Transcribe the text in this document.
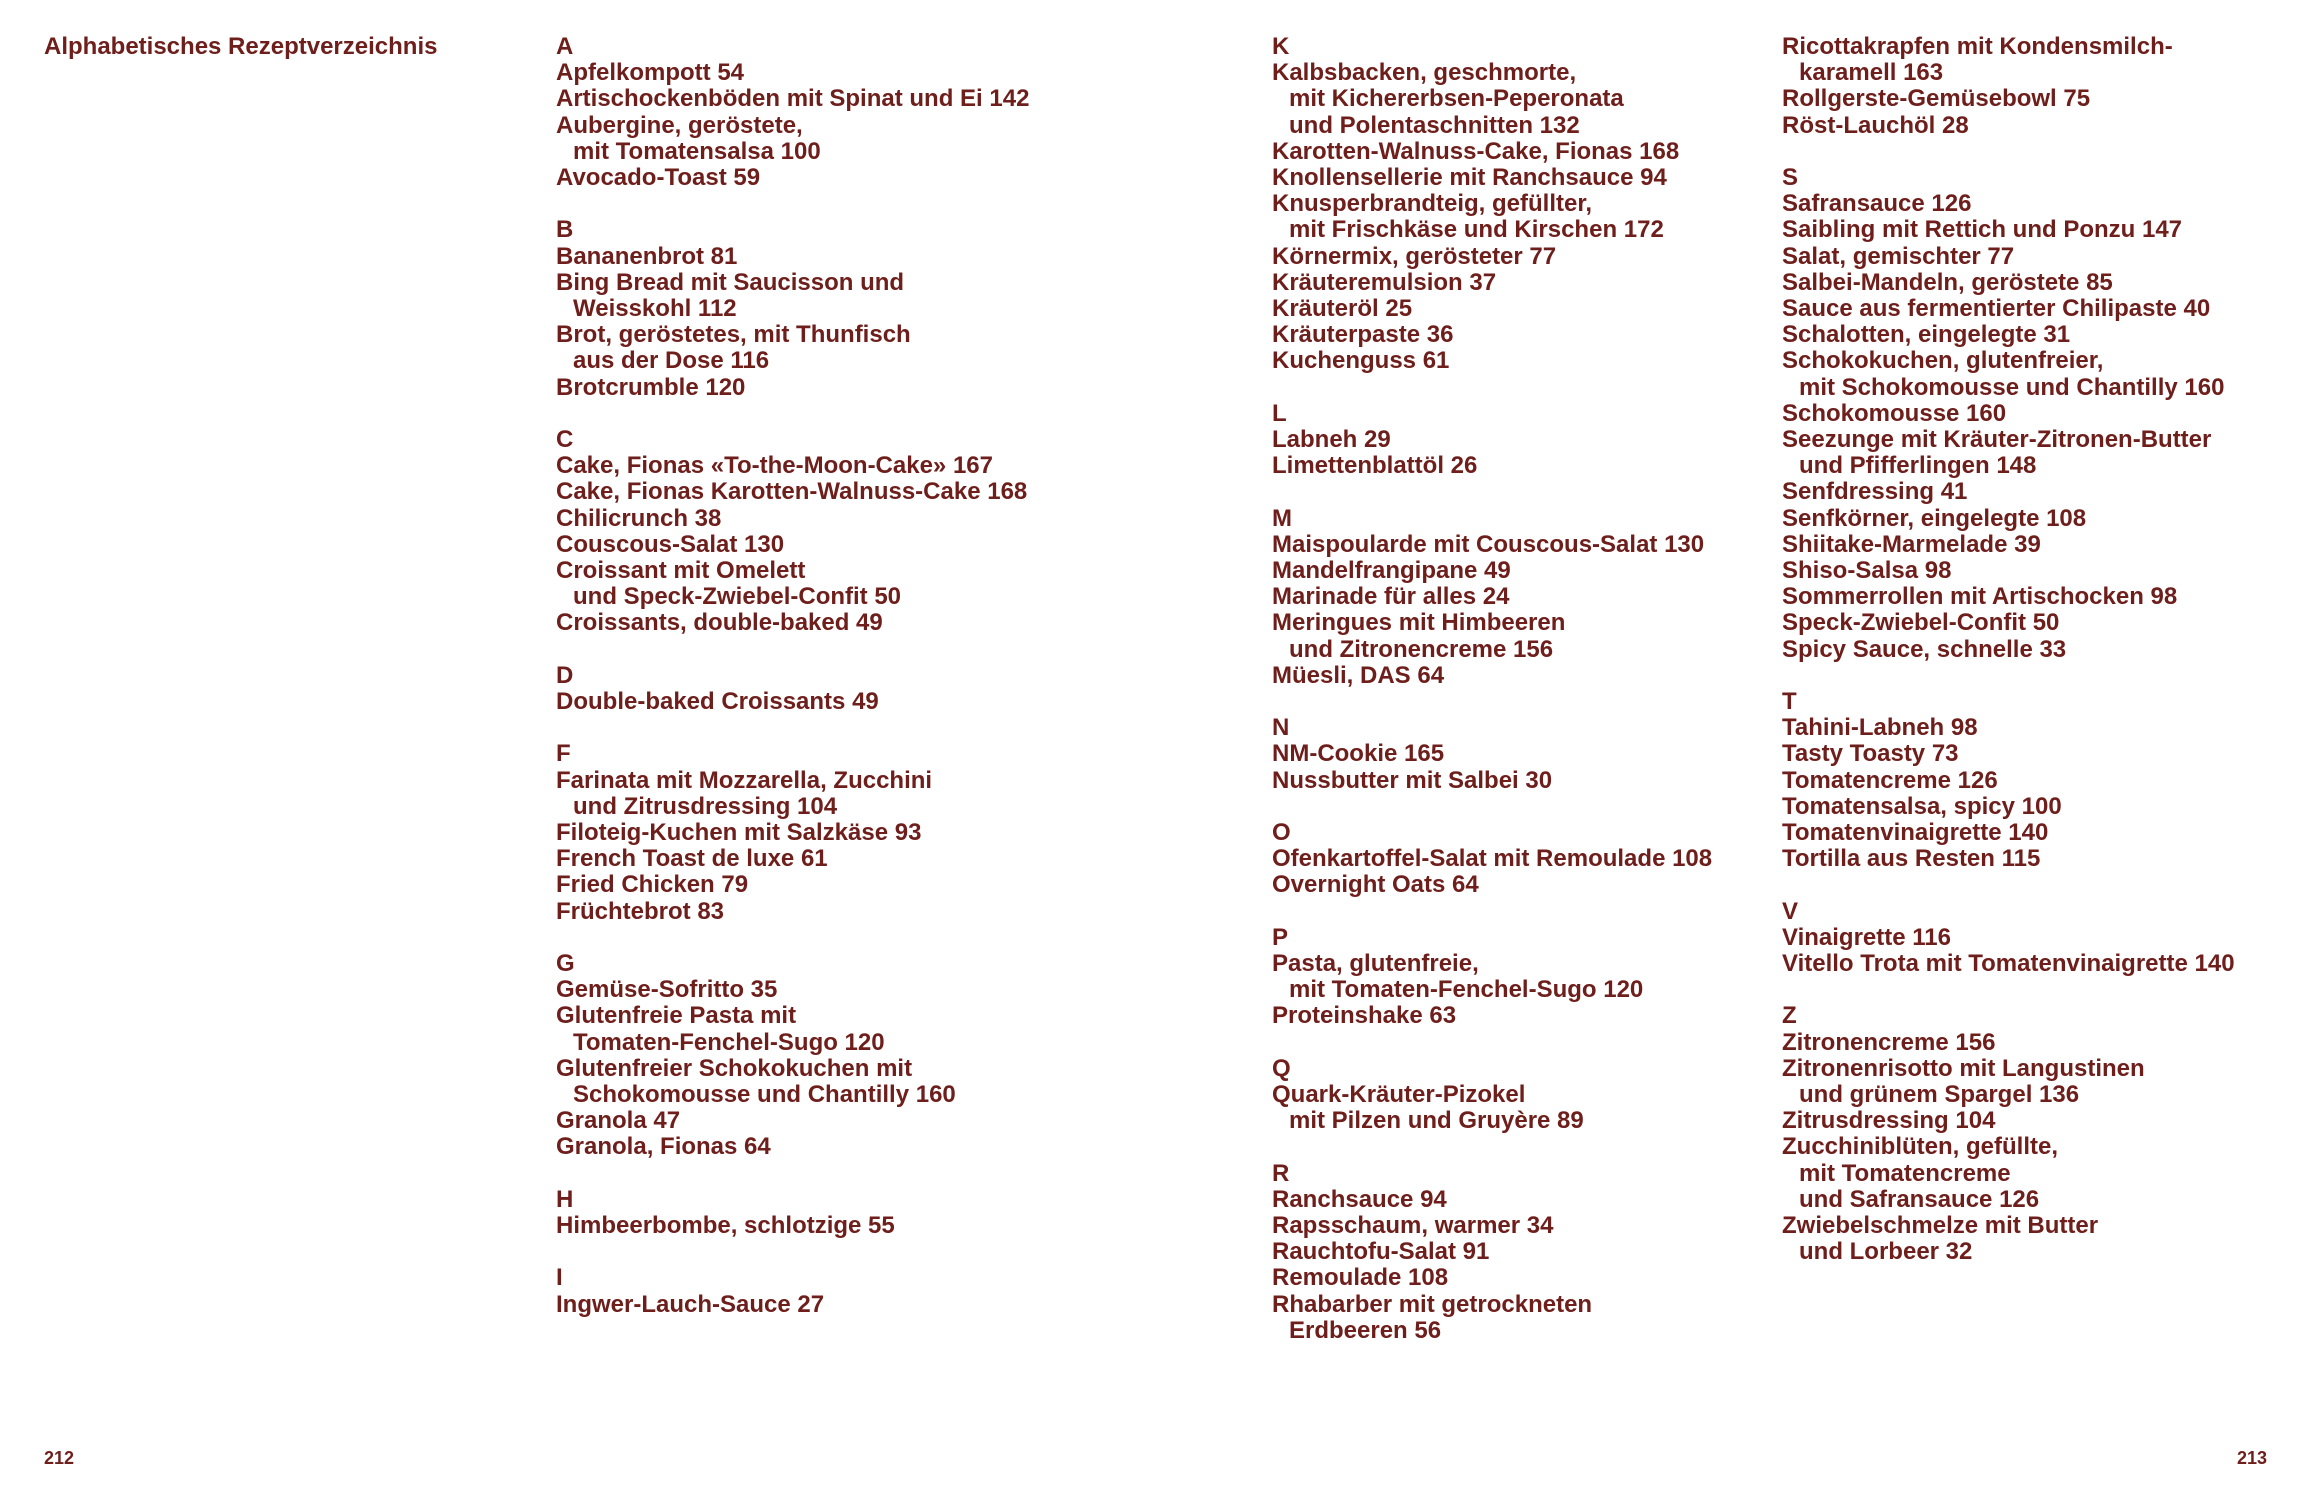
Alphabetisches Rezeptverzeichnis	A
Apfelkompott 54
Artischockenböden mit Spinat und Ei 142
Aubergine, geröstete,
mit Tomatensalsa 100
Avocado-Toast 59
B
Bananenbrot 81
Bing Bread mit Saucisson und
Weisskohl 112
Brot, geröstetes, mit Thunfisch
aus der Dose 116
Brotcrumble 120
C
Cake, Fionas «To-the-Moon-Cake» 167
Cake, Fionas Karotten-Walnuss-Cake 168
Chilicrunch 38
Couscous-Salat 130
Croissant mit Omelett
und Speck-Zwiebel-Confit 50
Croissants, double-baked 49
D
Double-baked Croissants 49
F
Farinata mit Mozzarella, Zucchini
und Zitrusdressing 104
Filoteig-Kuchen mit Salzkäse 93
French Toast de luxe 61
Fried Chicken 79
Früchtebrot 83
G
Gemüse-Sofritto 35
Glutenfreie Pasta mit
Tomaten-Fenchel-Sugo 120
Glutenfreier Schokokuchen mit
Schokomousse und Chantilly 160
Granola 47
Granola, Fionas 64
H
Himbeerbombe, schlotzige 55
I
Ingwer-Lauch-Sauce 27
K
Kalbsbacken, geschmorte,
mit Kichererbsen-Peperonata
und Polentaschnitten 132
Karotten-Walnuss-Cake, Fionas 168
Knollensellerie mit Ranchsauce 94
Knusperbrandteig, gefüllter,
mit Frischkäse und Kirschen 172
Körnermix, gerösteter 77
Kräuteremulsion 37
Kräuteröl 25
Kräuterpaste 36
Kuchenguss 61
L
Labneh 29
Limettenblattöl 26
M
Maispoularde mit Couscous-Salat 130
Mandelfrangipane 49
Marinade für alles 24
Meringues mit Himbeeren
und Zitronencreme 156
Müesli, DAS 64
N
NM-Cookie 165
Nussbutter mit Salbei 30
O
Ofenkartoffel-Salat mit Remoulade 108
Overnight Oats 64
P
Pasta, glutenfreie,
mit Tomaten-Fenchel-Sugo 120
Proteinshake 63
Q
Quark-Kräuter-Pizokel
mit Pilzen und Gruyère 89
R
Ranchsauce 94
Rapsschaum, warmer 34
Rauchtofu-Salat 91
Remoulade 108
Rhabarber mit getrockneten
Erdbeeren 56
Ricottakrapfen mit Kondensmilch-
karamell 163
Rollgerste-Gemüsebowl 75
Röst-Lauchöl 28
S
Safransauce 126
Saibling mit Rettich und Ponzu 147
Salat, gemischter 77
Salbei-Mandeln, geröstete 85
Sauce aus fermentierter Chilipaste 40
Schalotten, eingelegte 31
Schokokuchen, glutenfreier,
mit Schokomousse und Chantilly 160
Schokomousse 160
Seezunge mit Kräuter-Zitronen-Butter
und Pfifferlingen 148
Senfdressing 41
Senfkörner, eingelegte 108
Shiitake-Marmelade 39
Shiso-Salsa 98
Sommerrollen mit Artischocken 98
Speck-Zwiebel-Confit 50
Spicy Sauce, schnelle 33
T
Tahini-Labneh 98
Tasty Toasty 73
Tomatencreme 126
Tomatensalsa, spicy 100
Tomatenvinaigrette 140
Tortilla aus Resten 115
V
Vinaigrette 116
Vitello Trota mit Tomatenvinaigrette 140
Z
Zitronencreme 156
Zitronenrisotto mit Langustinen
und grünem Spargel 136
Zitrusdressing 104
Zucchiniblüten, gefüllte,
mit Tomatencreme
und Safransauce 126
Zwiebelschmelze mit Butter
und Lorbeer 32
212	213
